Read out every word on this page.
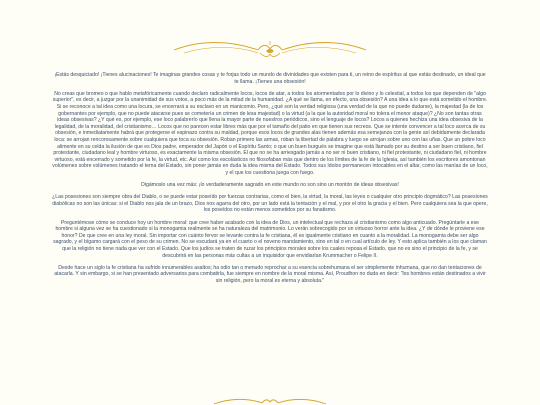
¡Estás desquiciado! ¡Tienes alucinaciones! Te imaginas grandes cosas y te forjas todo un mundo de divinidades que existen para ti, un reino de espíritus al que estás destinado, un ideal que te llama. ¡Tienes una obsesión!

No creas que bromeo o que hablo metafóricamente cuando declaro radicalmente locos, locos de atar, a todos los atormentados por lo divino y lo celestial, a todos los que dependen de "algo superior", es decir, a juzgar por la unanimidad de sus votos, a poco más de la mitad de la humanidad. ¿A qué se llama, en efecto, una obsesión? A una idea a lo que está sometido el hombre. Si se reconoce a tal idea como una locura, se encerrará a su esclavo en un manicomio. Pero, ¿qué son la verdad religiosa (una verdad de la que no puede dudarse), la majestad (la de los gobernantes por ejemplo, que no puede atacarse pues se cometería un crimen de lesa majestad) o la virtud (a la que la autoridad moral no tolera el menor ataque)? ¿No son tantas otras ideas obsesivas? ¿Y qué es, por ejemplo, ese loco palabrerío que llena la mayor parte de nuestros periódicos, sino el lenguaje de locos? Locos a quienes hechiza una idea obsesiva de la legalidad, de la moralidad, del cristianismo… Locos que no parecen estar libres más que por el tamaño del patio en que tienen sus recreos. Que se intente convencer a tal loco acerca de su obsesión, e inmediatamente habrá que protegerse el espinazo contra su maldad, porque esos locos de grandes alas tienen además esa semejanza con la gente así debidamente declarada loca: se arrojan rencorosamente sobre cualquiera que toca su obsesión. Roban primero las armas, roban la libertad de palabra y luego se arrojan sobre uno con las uñas. Que un pobre loco alimente en su celda la ilusión de que es Dios padre, emperador del Japón o el Espíritu Santo; o que un buen burgués se imagine que está llamado por su destino a ser buen cristiano, fiel protestante, ciudadano leal y hombre virtuoso, es exactamente la misma obsesión. El que no se ha arriesgado jamás a no ser ni buen cristiano, ni fiel protestante, ni ciudadano fiel, ni hombre virtuoso, está encerrado y sometido por la fe, la virtud, etc. Así como los escolásticos no filosofaban más que dentro de los límites de la fe de la Iglesia, así también los escritores amontonan volúmenes sobre volúmenes tratando el tema del Estado, sin poner jamás en duda la idea misma del Estado. Todos sus ídolos permanecen intocables en el altar, como las manías de un loco, y el que los cuestiona juega con fuego.

Digámoslo una vez más: ¡lo verdaderamente sagrado en este mundo no son sino un montón de ideas obsesivas!

¿Las posesiones son siempre obra del Diablo, o se puede estar poseído por fuerzas contrarias, como el bien, la virtud, la moral, las leyes o cualquier otro principio dogmático? Las posesiones diabólicas no son las únicas: si el Diablo nos jala de un brazo, Dios nos agarra del otro, por un lado está la tentación y el mal, y por el otro la gracia y el bien. Pero cualquiera sea la que opere, los poseídos no están menos sometidos por su fanatismo.

Preguntémose cómo se conduce hoy un hombre moral: que cree haber acabado con la idea de Dios, un intelectual que rechaza al cristianismo como algo anticuado. Pregúntarle a ese hombre si alguna vez se ha cuestionado si la monogamia realmente se ha naturaleza del matrimonio. Lo verán sobrecogido por un virtuoso horror ante la idea. ¿Y de dónde le proviene ese honor? De que cree en una ley moral. Sin importar con cuánto fervor se levante contra la fe cristiana, él es igualmente cristiano en cuanto a la moralidad. La monogamia debe ser algo sagrado, y el bígamo cargará con el peso de su crimen. No se escudará ya en el cuarto o el noveno mandamiento, sino en tal o en cual artículo de ley. Y esto aplica también a los que claman que la religión no tiene nada que ver con el Estado. Que los judíos se traten de ruzar los principios morales sobre los cuales reposa el Estado, que no es sino el principio de la fe, y se descubrirá en las personas más cultas a un inquisidor que envidiarían Krummacher o Felipe II.

Desde hace un siglo la fe cristiana ha sufrido innumerables asaltos; ha odio tan o menudo reprochar a su esencia sobrehumana el ser simplemente inhumana, que no dan tentaciones de atacarla. Y sin embargo, si se han presentado adversarios para combatirla, fue siempre en nombre de la moral misma. Así, Proudhon no duda en decir: "los hombres están destinados a vivir sin religión, pero la moral es eterna y absoluta."
